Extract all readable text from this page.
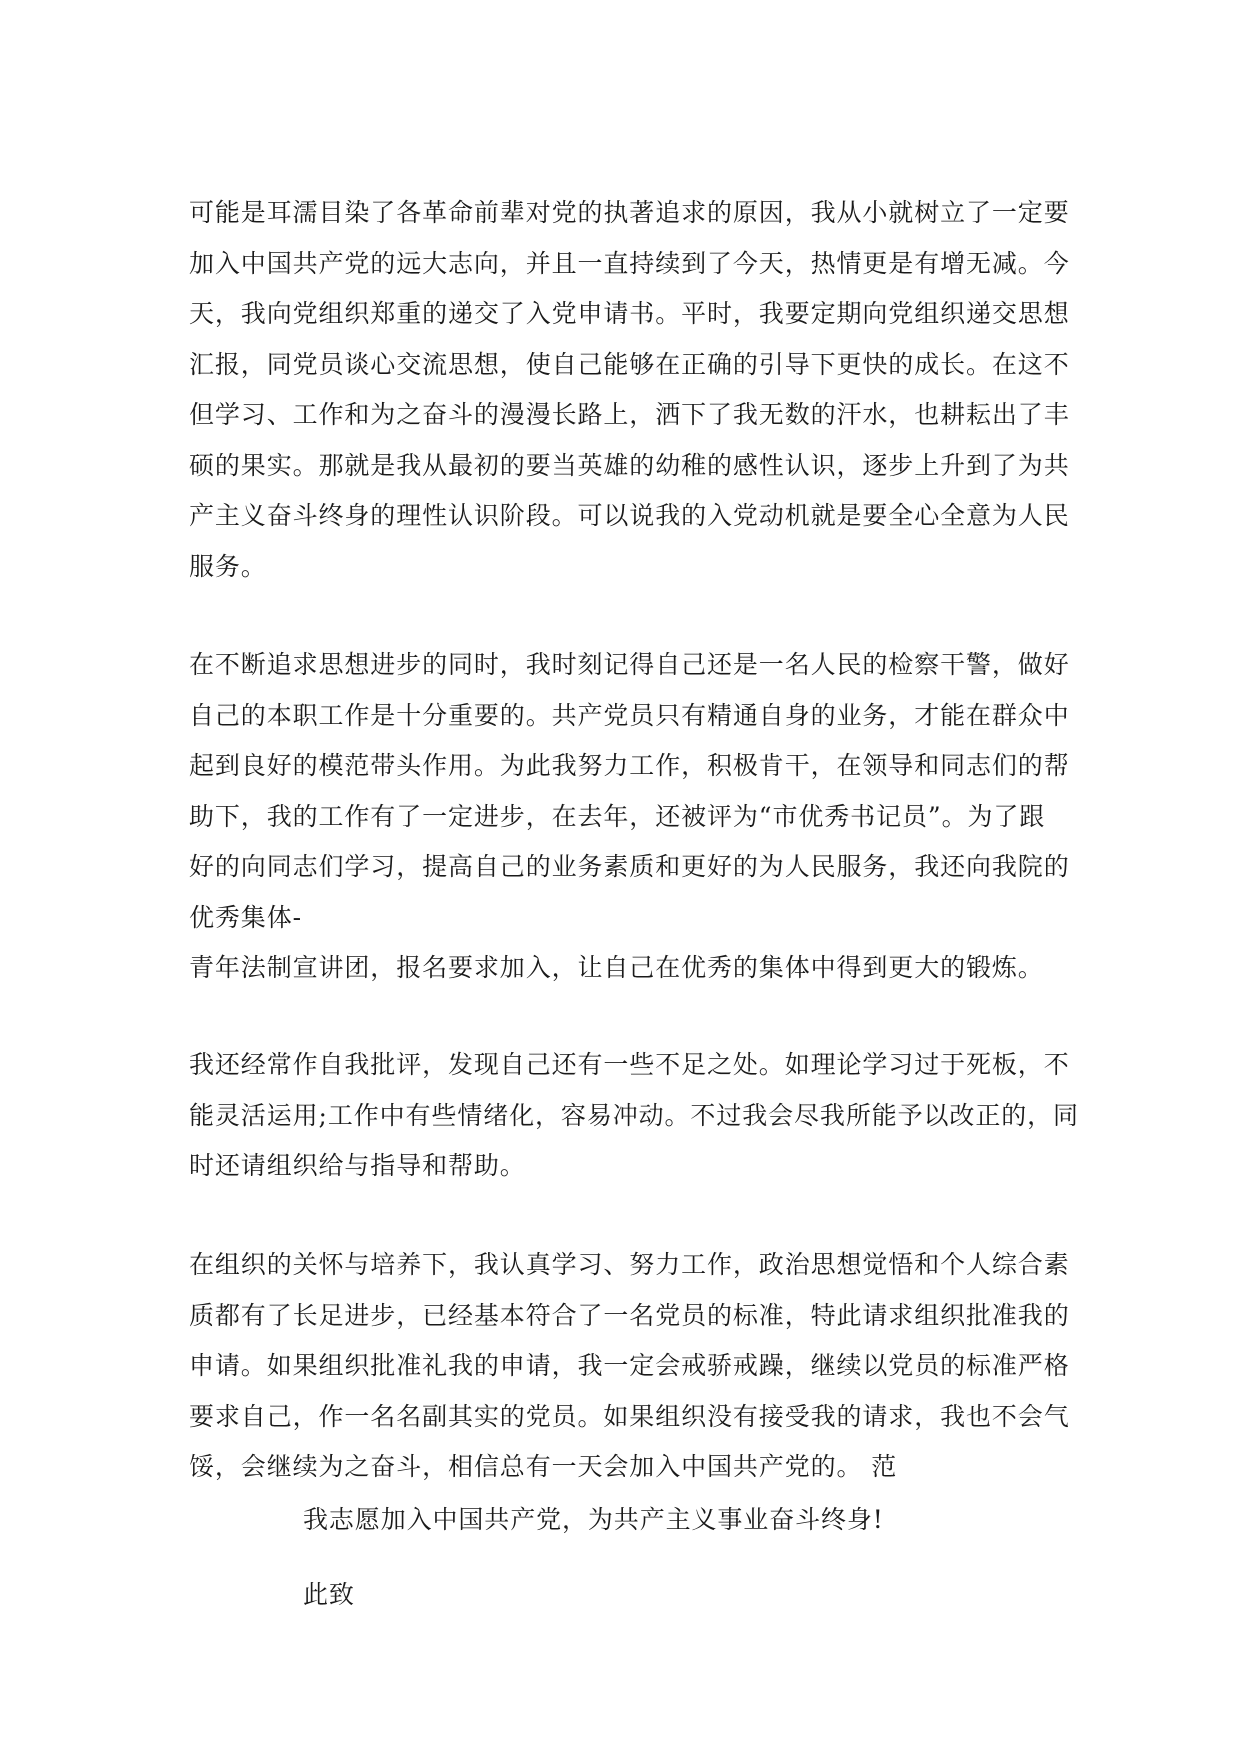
可能是耳濡目染了各革命前辈对党的执著追求的原因，我从小就树立了一定要
加入中国共产党的远大志向，并且一直持续到了今天，热情更是有增无减。今
天，我向党组织郑重的递交了入党申请书。平时，我要定期向党组织递交思想
汇报，同党员谈心交流思想，使自己能够在正确的引导下更快的成长。在这不
但学习、工作和为之奋斗的漫漫长路上，洒下了我无数的汗水，也耕耘出了丰
硕的果实。那就是我从最初的要当英雄的幼稚的感性认识，逐步上升到了为共
产主义奋斗终身的理性认识阶段。可以说我的入党动机就是要全心全意为人民
服务。
在不断追求思想进步的同时，我时刻记得自己还是一名人民的检察干警，做好
自己的本职工作是十分重要的。共产党员只有精通自身的业务，才能在群众中
起到良好的模范带头作用。为此我努力工作，积极肯干，在领导和同志们的帮
助下，我的工作有了一定进步，在去年，还被评为“市优秀书记员”。为了跟
好的向同志们学习，提高自己的业务素质和更好的为人民服务，我还向我院的
优秀集体-
青年法制宣讲团，报名要求加入，让自己在优秀的集体中得到更大的锻炼。
我还经常作自我批评，发现自己还有一些不足之处。如理论学习过于死板，不
能灵活运用;工作中有些情绪化，容易冲动。不过我会尽我所能予以改正的，同
时还请组织给与指导和帮助。
在组织的关怀与培养下，我认真学习、努力工作，政治思想觉悟和个人综合素
质都有了长足进步，已经基本符合了一名党员的标准，特此请求组织批准我的
申请。如果组织批准礼我的申请，我一定会戒骄戒躁，继续以党员的标准严格
要求自己，作一名名副其实的党员。如果组织没有接受我的请求，我也不会气
馁，会继续为之奋斗，相信总有一天会加入中国共产党的。 范

我志愿加入中国共产党，为共产主义事业奋斗终身!

此致
